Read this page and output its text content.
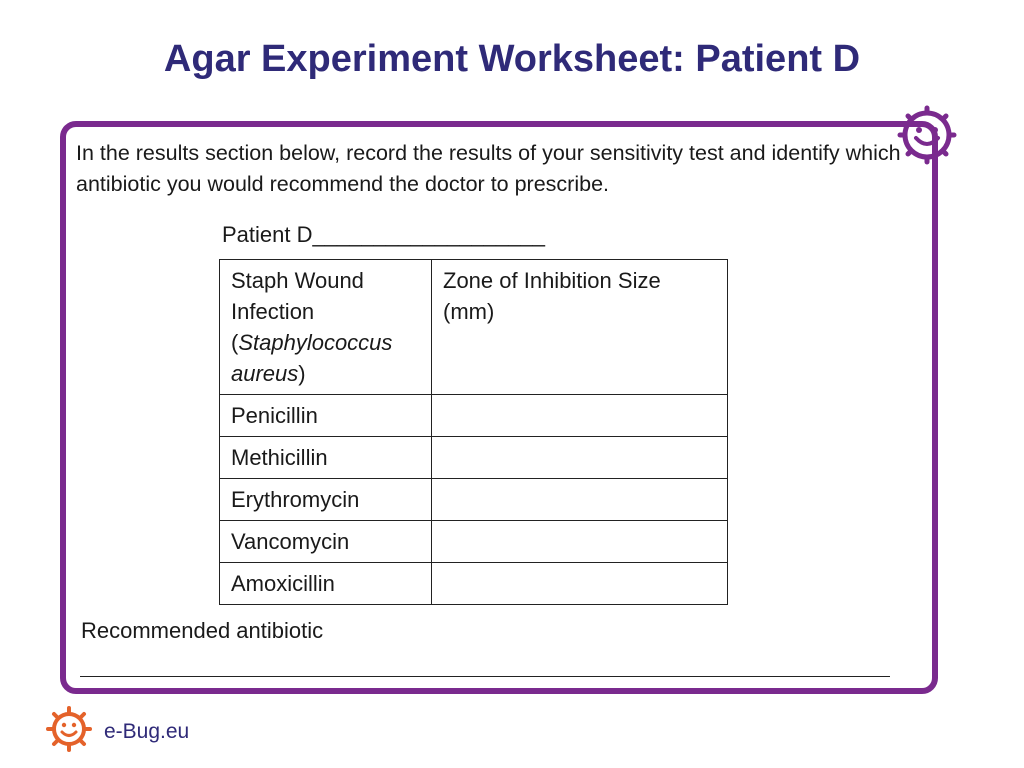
Agar Experiment Worksheet: Patient D

In the results section below, record the results of your sensitivity test and identify which antibiotic you would recommend the doctor to prescribe.

Patient D___________________

Staph Wound Infection (Staphylococcus aureus)	Zone of Inhibition Size (mm)
Penicillin	
Methicillin	
Erythromycin	
Vancomycin	
Amoxicillin	

Recommended antibiotic

e-Bug.eu
